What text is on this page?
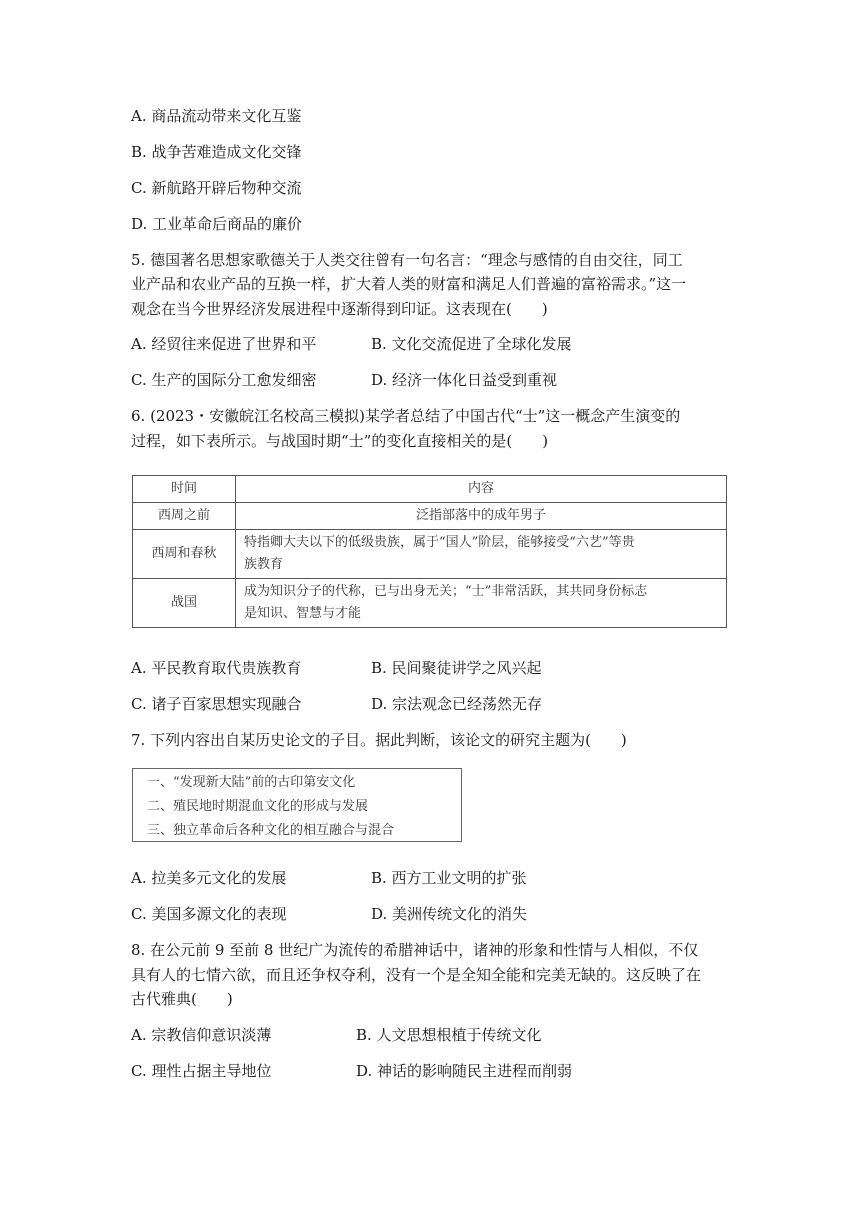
A. 商品流动带来文化互鉴
B. 战争苦难造成文化交锋
C. 新航路开辟后物种交流
D. 工业革命后商品的廉价
5. 德国著名思想家歌德关于人类交往曾有一句名言：“理念与感情的自由交往，同工
业产品和农业产品的互换一样，扩大着人类的财富和满足人们普遍的富裕需求。”这一
观念在当今世界经济发展进程中逐渐得到印证。这表现在(　　)
A. 经贸往来促进了世界和平	B. 文化交流促进了全球化发展
C. 生产的国际分工愈发细密	D. 经济一体化日益受到重视
6. (2023・安徽皖江名校高三模拟)某学者总结了中国古代“士”这一概念产生演变的
过程，如下表所示。与战国时期“士”的变化直接相关的是(　　)
时间	内容
西周之前	泛指部落中的成年男子
西周和春秋	特指卿大夫以下的低级贵族，属于“国人”阶层，能够接受“六艺”等贵
族教育

战国	成为知识分子的代称，已与出身无关；“士”非常活跃，其共同身份标志
是知识、智慧与才能
A. 平民教育取代贵族教育	B. 民间聚徒讲学之风兴起
C. 诸子百家思想实现融合	D. 宗法观念已经荡然无存
7. 下列内容出自某历史论文的子目。据此判断，该论文的研究主题为(　　)
一、“发现新大陆”前的古印第安文化
二、殖民地时期混血文化的形成与发展
三、独立革命后各种文化的相互融合与混合
A. 拉美多元文化的发展	B. 西方工业文明的扩张
C. 美国多源文化的表现	D. 美洲传统文化的消失
8. 在公元前 9 至前 8 世纪广为流传的希腊神话中，诸神的形象和性情与人相似，不仅
具有人的七情六欲，而且还争权夺利，没有一个是全知全能和完美无缺的。这反映了在
古代雅典(　　)
A. 宗教信仰意识淡薄	B. 人文思想根植于传统文化
C. 理性占据主导地位	D. 神话的影响随民主进程而削弱
